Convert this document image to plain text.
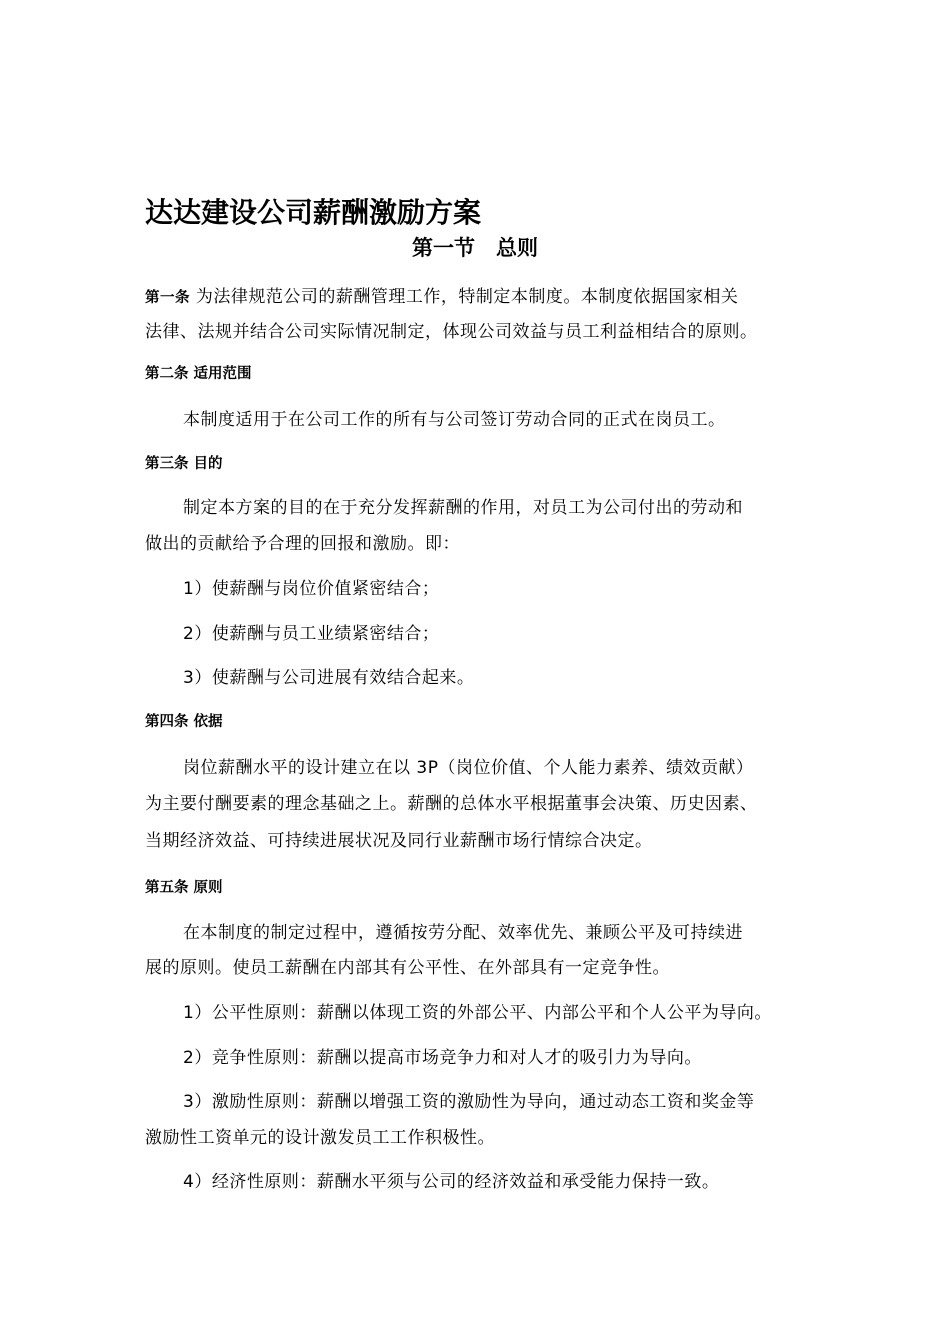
达达建设公司薪酬激励方案
第一节　总则
第一条 为法律规范公司的薪酬管理工作，特制定本制度。本制度依据国家相关
法律、法规并结合公司实际情况制定，体现公司效益与员工利益相结合的原则。
第二条 适用范围
本制度适用于在公司工作的所有与公司签订劳动合同的正式在岗员工。
第三条 目的
制定本方案的目的在于充分发挥薪酬的作用，对员工为公司付出的劳动和
做出的贡献给予合理的回报和激励。即：
1）使薪酬与岗位价值紧密结合；
2）使薪酬与员工业绩紧密结合；
3）使薪酬与公司进展有效结合起来。
第四条 依据
岗位薪酬水平的设计建立在以 3P（岗位价值、个人能力素养、绩效贡献）
为主要付酬要素的理念基础之上。薪酬的总体水平根据董事会决策、历史因素、
当期经济效益、可持续进展状况及同行业薪酬市场行情综合决定。
第五条 原则
在本制度的制定过程中，遵循按劳分配、效率优先、兼顾公平及可持续进
展的原则。使员工薪酬在内部其有公平性、在外部具有一定竞争性。
1）公平性原则：薪酬以体现工资的外部公平、内部公平和个人公平为导向。
2）竞争性原则：薪酬以提高市场竞争力和对人才的吸引力为导向。
3）激励性原则：薪酬以增强工资的激励性为导向，通过动态工资和奖金等
激励性工资单元的设计激发员工工作积极性。
4）经济性原则：薪酬水平须与公司的经济效益和承受能力保持一致。
